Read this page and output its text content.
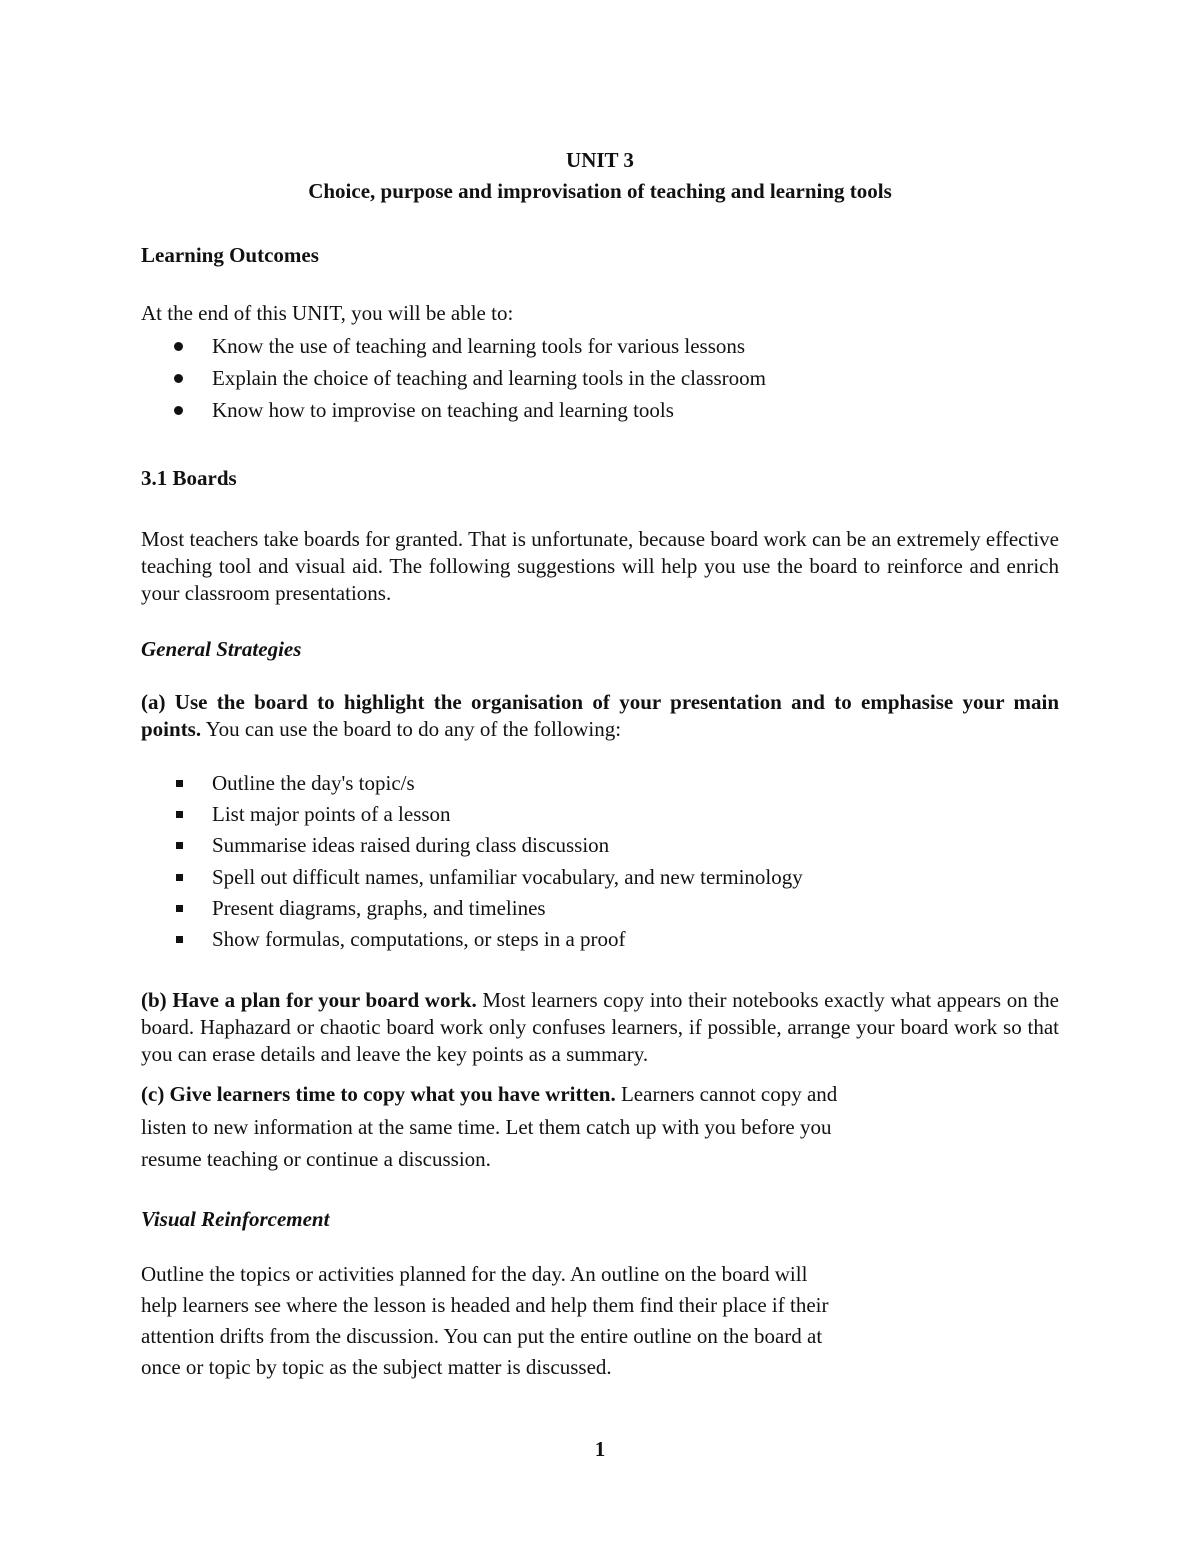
UNIT 3
Choice, purpose and improvisation of teaching and learning tools
Learning Outcomes
At the end of this UNIT, you will be able to:
Know the use of teaching and learning tools for various lessons
Explain the choice of teaching and learning tools in the classroom
Know how to improvise on teaching and learning tools
3.1 Boards
Most teachers take boards for granted. That is unfortunate, because board work can be an extremely effective teaching tool and visual aid. The following suggestions will help you use the board to reinforce and enrich your classroom presentations.
General Strategies
(a) Use the board to highlight the organisation of your presentation and to emphasise your main points. You can use the board to do any of the following:
Outline the day's topic/s
List major points of a lesson
Summarise ideas raised during class discussion
Spell out difficult names, unfamiliar vocabulary, and new terminology
Present diagrams, graphs, and timelines
Show formulas, computations, or steps in a proof
(b) Have a plan for your board work. Most learners copy into their notebooks exactly what appears on the board. Haphazard or chaotic board work only confuses learners, if possible, arrange your board work so that you can erase details and leave the key points as a summary.
(c) Give learners time to copy what you have written. Learners cannot copy and
listen to new information at the same time. Let them catch up with you before you
resume teaching or continue a discussion.
Visual Reinforcement
Outline the topics or activities planned for the day. An outline on the board will
help learners see where the lesson is headed and help them find their place if their
attention drifts from the discussion. You can put the entire outline on the board at
once or topic by topic as the subject matter is discussed.
1
